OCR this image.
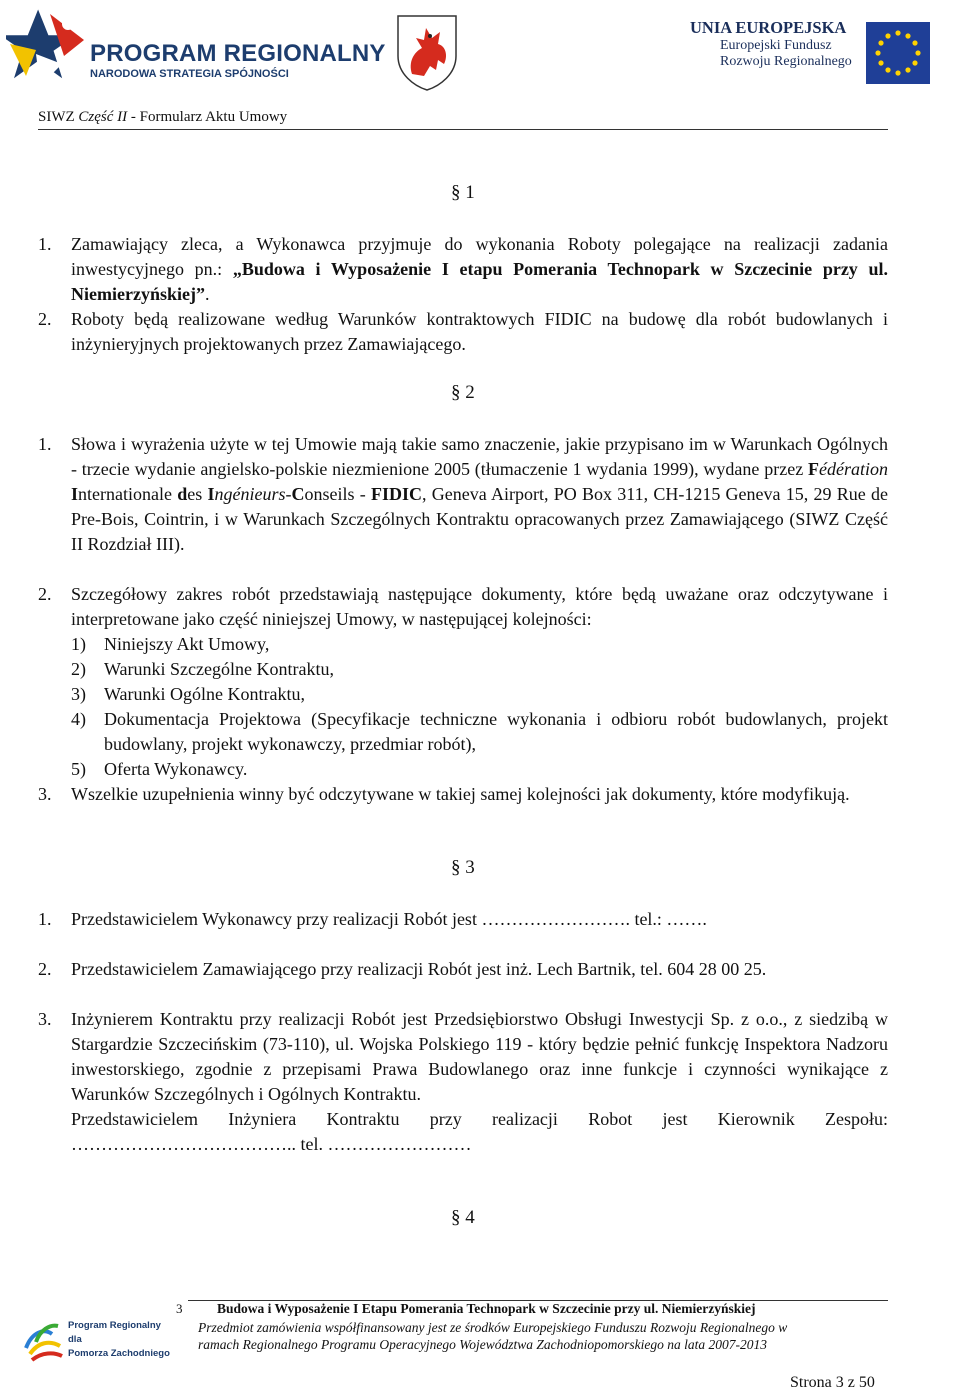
PROGRAM REGIONALNY
NARODOWA STRATEGIA SPÓJNOŚCI
UNIA EUROPEJSKA
Europejski Fundusz
Rozwoju Regionalnego
SIWZ Część II - Formularz Aktu Umowy
§ 1
1. Zamawiający zleca, a Wykonawca przyjmuje do wykonania Roboty polegające na realizacji zadania inwestycyjnego pn.: „Budowa i Wyposażenie I etapu Pomerania Technopark w Szczecinie przy ul. Niemierzyńskiej”.
2. Roboty będą realizowane według Warunków kontraktowych FIDIC na budowę dla robót budowlanych i inżynieryjnych projektowanych przez Zamawiającego.
§ 2
1. Słowa i wyrażenia użyte w tej Umowie mają takie samo znaczenie, jakie przypisano im w Warunkach Ogólnych - trzecie wydanie angielsko-polskie niezmienione 2005 (tłumaczenie 1 wydania 1999), wydane przez Fédération Internationale des Ingénieurs-Conseils - FIDIC, Geneva Airport, PO Box 311, CH-1215 Geneva 15, 29 Rue de Pre-Bois, Cointrin, i w Warunkach Szczególnych Kontraktu opracowanych przez Zamawiającego (SIWZ Część II Rozdział III).
2. Szczegółowy zakres robót przedstawiają następujące dokumenty, które będą uważane oraz odczytywane i interpretowane jako część niniejszej Umowy, w następującej kolejności:
1) Niniejszy Akt Umowy,
2) Warunki Szczególne Kontraktu,
3) Warunki Ogólne Kontraktu,
4) Dokumentacja Projektowa (Specyfikacje techniczne wykonania i odbioru robót budowlanych, projekt budowlany, projekt wykonawczy, przedmiar robót),
5) Oferta Wykonawcy.
3. Wszelkie uzupełnienia winny być odczytywane w takiej samej kolejności jak dokumenty, które modyfikują.
§ 3
1. Przedstawicielem Wykonawcy przy realizacji Robót jest ……………………. tel.: …….
2. Przedstawicielem Zamawiającego przy realizacji Robót jest inż. Lech Bartnik, tel. 604 28 00 25.
3. Inżynierem Kontraktu przy realizacji Robót jest Przedsiębiorstwo Obsługi Inwestycji Sp. z o.o., z siedzibą w Stargardzie Szczecińskim (73-110), ul. Wojska Polskiego 119 - który będzie pełnić funkcję Inspektora Nadzoru inwestorskiego, zgodnie z przepisami Prawa Budowlanego oraz inne funkcje i czynności wynikające z Warunków Szczególnych i Ogólnych Kontraktu.
Przedstawicielem Inżyniera Kontraktu przy realizacji Robot jest Kierownik Zespołu: ……………………………….. tel. ……………………
§ 4
3	Budowa i Wyposażenie I Etapu Pomerania Technopark w Szczecinie przy ul. Niemierzyńskiej
Przedmiot zamówienia współfinansowany jest ze środków Europejskiego Funduszu Rozwoju Regionalnego w
ramach Regionalnego Programu Operacyjnego Województwa Zachodniopomorskiego na lata 2007-2013
Program Regionalny
dla
Pomorza Zachodniego
Strona 3 z 50
